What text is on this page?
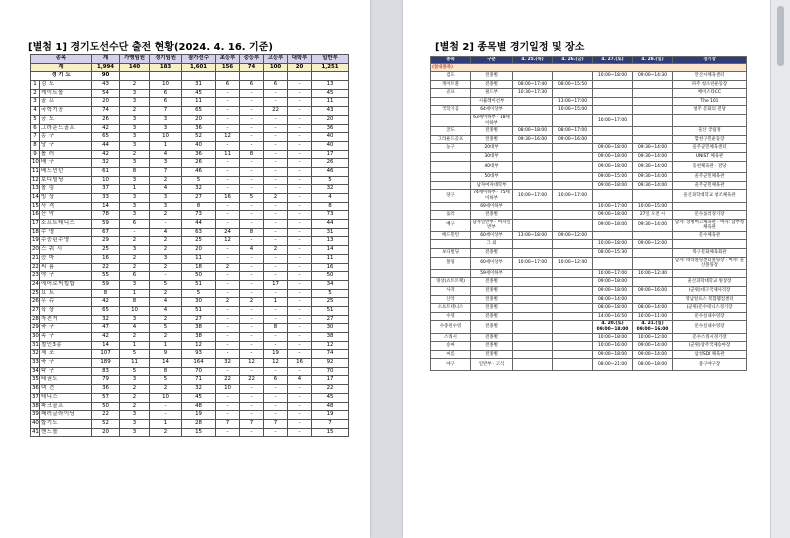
[별첨 1] 경기도선수단 출전 현황(2024. 4. 16. 기준)	[별첨 2] 종목별 경기일정 및 장소
종목		계	가맹임원	경기임원	참가선수	초등부	중등부	고등부	대학부	일반부
계		1,994	140	183	1,601	156	74	100	20	1,251
경 기 도		90								
1	검 도	43	2	10	31	6	6	6	-	13
2	게이트볼	54	3	6	45	-	-	-	-	45
3	골 프	20	3	6	11	-	-	-	-	11
4	국학기공	74	2	7	65	-	-	22	-	43
5	궁 도	26	3	3	20	-	-	-	-	20
6	그라운드골프	42	3	3	36	-	-	-	-	36
7	농 구	65	3	10	52	12	-	-	-	40
8	당 구	44	3	1	40	-	-	-	-	40
9	롤 러	42	2	4	36	11	8	-	-	17
10	배 구	32	3	3	26	-	-	-	-	26
11	배드민턴	61	8	7	46	-	-	-	-	46
12	보디빌딩	10	3	2	5	-	-	-	-	5
13	볼 링	37	1	4	32	-	-	-	-	32
14	빙 상	33	3	3	27	16	5	2	-	4
15	사 격	14	3	3	8	-	-	-	-	8
16	산 악	78	3	2	73	-	-	-	-	73
17	소프트테니스	59	6	-	44	-	-	-	-	44
18	수 영	67	-	4	63	24	8	-	-	31
19	수중핀수영	29	2	2	25	12	-	-	-	13
20	스 쿼 시	25	3	2	20	-	4	2	-	14
21	승 마	16	2	3	11	-	-	-	-	11
22	씨 름	22	2	2	18	2	-	-	-	16
23	야 구	55	6	-	50	-	-	-	-	50
24	에어로빅힙합	59	3	5	51	-	-	17	-	34
25	요 트	8	1	2	5	-	-	-	-	5
26	우 슈	42	8	4	30	2	2	1	-	25
27	육 상	65	10	4	51	-	-	-	-	51
28	자전거	32	3	2	27	-	-	-	-	27
29	축 구	47	4	5	38	-	-	8	-	30
30	족 구	42	2	2	38	-	-	-	-	38
31	철인3종	14	1	1	12	-	-	-	-	12
32	체 조	107	5	9	93	-	-	19	-	74
33	축 구	189	11	14	164	32	12	12	16	92
34	탁 구	83	5	8	70	-	-	-	-	70
35	태권도	79	3	5	71	22	22	6	4	17
36	택 견	36	2	2	32	10	-	-	-	22
37	테니스	57	2	10	45	-	-	-	-	45
38	파크골프	50	2	-	48	-	-	-	-	48
39	패러글라이딩	22	3	-	19	-	-	-	-	19
40	합기도	52	3	1	28	7	7	7	-	7
41	핸드볼	20	3	2	15	-	-	-	-	15
종목	구분	4. 25.(목)	4. 26.(금)	4. 27.(토)	4. 28.(일)	경기장
(참내종목)						
검도	전종별			10:00~18:00	09:00~14:30	안산시체육센터
게이트볼	전종별	08:00~17:40	08:00~15:50			파주 청소년운동장
골프	필드부	10:30~17:30				베이스타CC
	시뮬레이션부		13:00~17:00			The 101
국학기공	64세이상부		10:00~15:00			청주 문화의 전당
	63세이하부 · 18세이하부			10:00~17:00		
궁도	전종별	08:00~18:00	08:00~17:00			울산 궁림정
그라운드골프	전종별	09:30~16:00	09:00~16:00			합천구민운동장
농구	20대부			09:00~18:00	09:30~14:00	울주군민체육센터
	30대부			09:00~18:00	09:30~14:00	UNIST 체육관
	40대부			09:00~18:00	09:30~14:00	동천체육관 · 전당
	50대부			09:00~15:00	09:30~14:00	울주군민체육관
	남자여자대학부			09:00~18:00	09:30~14:00	울주군민체육관
당구	74세이하부 · 75세이하부	10:00~17:00	10:00~17:00			울산과학대학교 창조체육관
	69세이하부			10:00~17:00	10:00~15:00	
롤러	전종별			09:00~18:00	27일 오전 시	문수롤러경기장
배구	남자일반부 · 여자일반부			09:00~18:00	09:30~14:00	남자: 상명여고체육관 · 여자: 남부청체육관
배드민턴	60세이상부	13:00~18:00	09:00~12:00			문수체육관
	그 외			10:00~18:00	09:00~12:00	
보디빌딩	전종별			08:00~15:30		북구문화체육회관
볼링	60세이상부	10:00~17:00	10:00~12:40			남자: 테라볼링센터볼링장 · 여자: 울산볼링장
	59세이하부			10:00~17:00	10:00~12:40	
빙상(쇼트트랙)	전종별			09:00~18:00		울산과학대학교 빙상장
사격	전종별			09:00~18:00	09:00~16:00	(군위)대구국제사격장
산악	전종별			08:00~14:00		영남알프스 복합웰컴센터
소프트테니스	전종별			08:00~18:00	08:00~14:00	(군위)문수테니스경기장
수영	전종별			14:00~16:50	10:00~11:00	문수실내수영장
수중핀수영	전종별			4. 20.(토) 09:00~18:00	4. 21.(일) 09:00~16:00	문수실내수영장
스쿼시	전종별			10:00~18:00	10:00~12:00	문수스쿼시경기장
승마	전종별			10:00~16:00	09:00~14:00	(군위)상주국제승마장
씨름	전종별			09:00~18:00	09:00~14:00	삼성SDI 체육관
야구	일반부 · 고식			08:00~21:00	08:00~18:00	중구야구장
